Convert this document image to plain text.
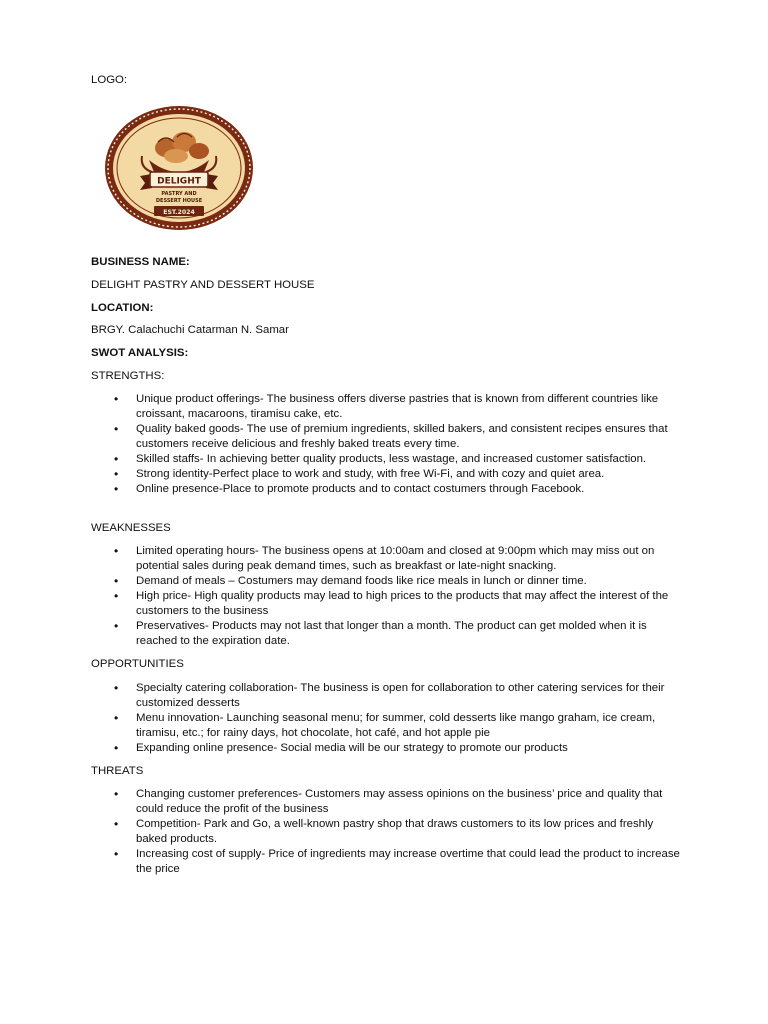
LOGO:

DELIGHT
PASTRY AND
DESSERT HOUSE
EST.2024

BUSINESS NAME:

DELIGHT PASTRY AND DESSERT HOUSE

LOCATION:

BRGY. Calachuchi Catarman N. Samar

SWOT ANALYSIS:

STRENGTHS:

• Unique product offerings- The business offers diverse pastries that is known from different countries like croissant, macaroons, tiramisu cake, etc.
• Quality baked goods- The use of premium ingredients, skilled bakers, and consistent recipes ensures that customers receive delicious and freshly baked treats every time.
• Skilled staffs- In achieving better quality products, less wastage, and increased customer satisfaction.
• Strong identity-Perfect place to work and study, with free Wi-Fi, and with cozy and quiet area.
• Online presence-Place to promote products and to contact costumers through Facebook.

WEAKNESSES

• Limited operating hours- The business opens at 10:00am and closed at 9:00pm which may miss out on potential sales during peak demand times, such as breakfast or late-night snacking.
• Demand of meals – Costumers may demand foods like rice meals in lunch or dinner time.
• High price- High quality products may lead to high prices to the products that may affect the interest of the customers to the business
• Preservatives- Products may not last that longer than a month. The product can get molded when it is reached to the expiration date.

OPPORTUNITIES

• Specialty catering collaboration- The business is open for collaboration to other catering services for their customized desserts
• Menu innovation- Launching seasonal menu; for summer, cold desserts like mango graham, ice cream, tiramisu, etc.; for rainy days, hot chocolate, hot café, and hot apple pie
• Expanding online presence- Social media will be our strategy to promote our products

THREATS

• Changing customer preferences- Customers may assess opinions on the business’ price and quality that could reduce the profit of the business
• Competition- Park and Go, a well-known pastry shop that draws customers to its low prices and freshly baked products.
• Increasing cost of supply- Price of ingredients may increase overtime that could lead the product to increase the price
